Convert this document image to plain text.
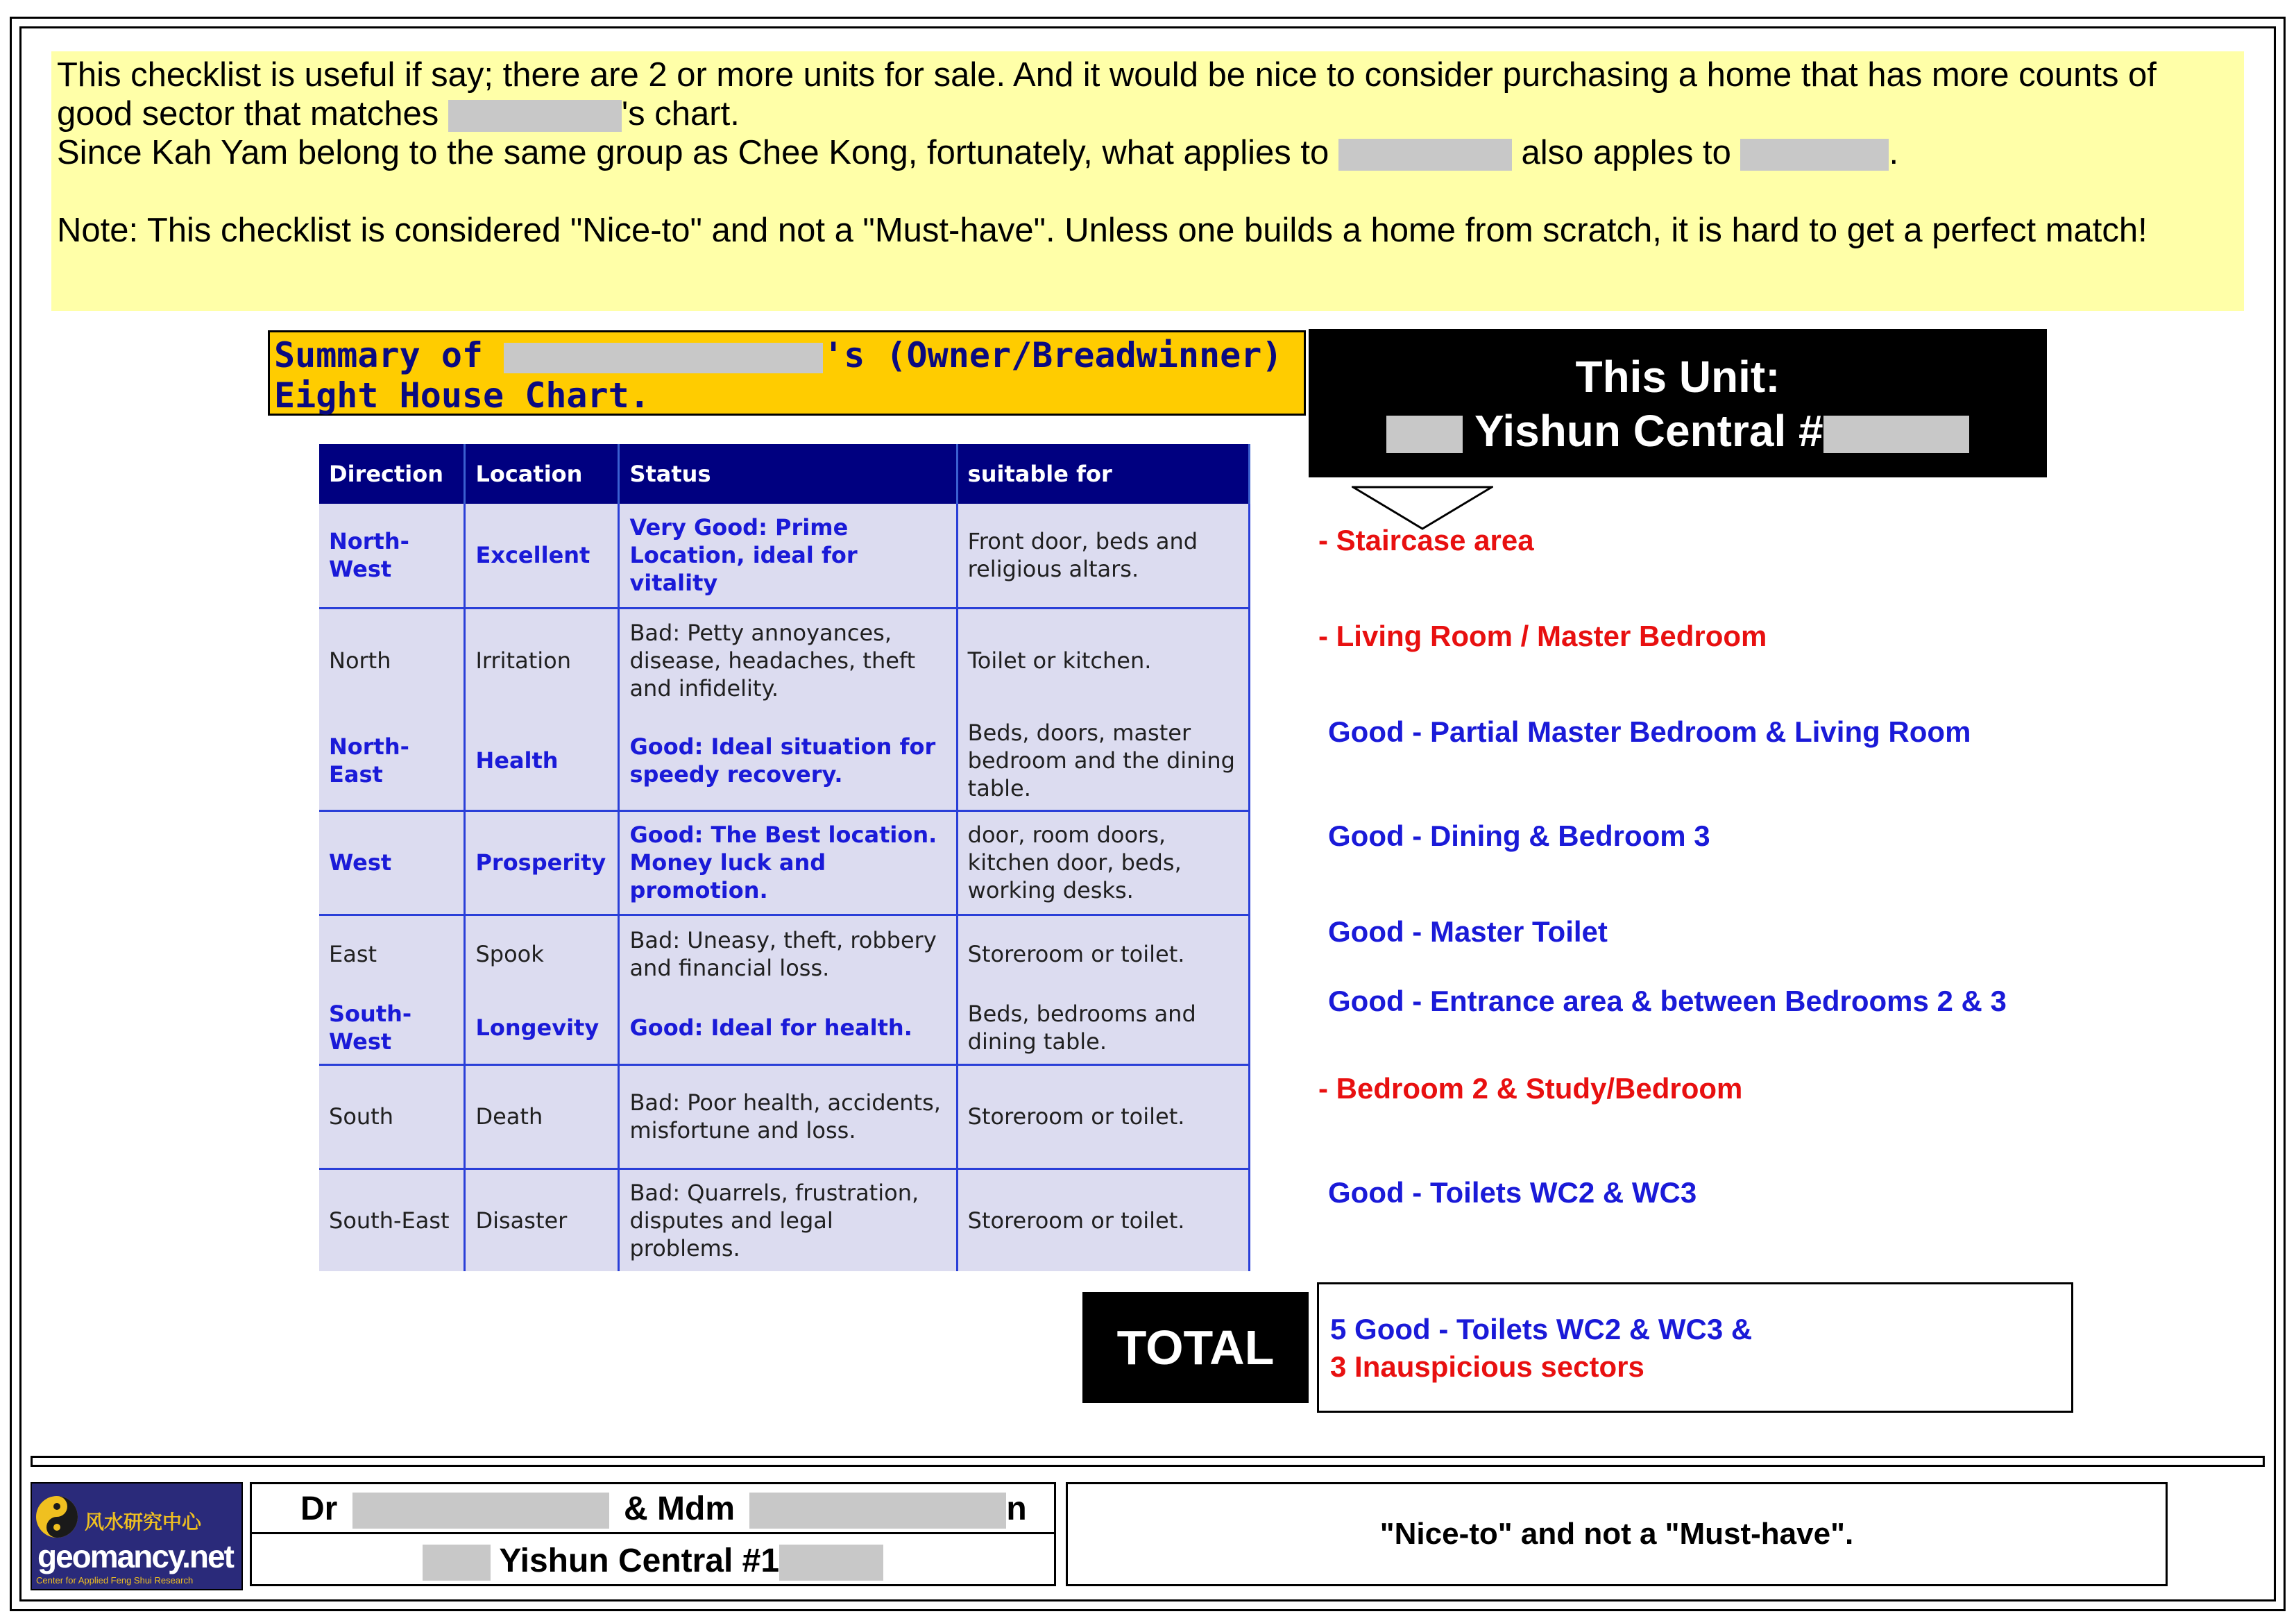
This checklist is useful if say; there are 2 or more units for sale. And it would be nice to consider purchasing a home that has more counts of

good sector that matches	's chart.

Since Kah Yam belong to the same group as Chee Kong, fortunately, what applies to	also apples to	.

Note: This checklist is considered "Nice-to" and not a "Must-have". Unless one builds a home from scratch, it is hard to get a perfect match!

Summary of	's (Owner/Breadwinner)
Eight House Chart.
Direction	Location	Status	suitable for
North-West	Excellent	Very Good: Prime Location, ideal for vitality	Front door, beds and religious altars.
North	Irritation	Bad: Petty annoyances, disease, headaches, theft and infidelity.	Toilet or kitchen.
North-East	Health	Good: Ideal situation for speedy recovery.	Beds, doors, master bedroom and the dining table.
West	Prosperity	Good: The Best location. Money luck and promotion.	door, room doors, kitchen door, beds, working desks.
East	Spook	Bad: Uneasy, theft, robbery and financial loss.	Storeroom or toilet.
South-West	Longevity	Good: Ideal for health.	Beds, bedrooms and dining table.
South	Death	Bad: Poor health, accidents, misfortune and loss.	Storeroom or toilet.
South-East	Disaster	Bad: Quarrels, frustration, disputes and legal problems.	Storeroom or toilet.
This Unit:
Yishun Central #
- Staircase area
- Living Room / Master Bedroom
Good - Partial Master Bedroom & Living Room
Good - Dining & Bedroom 3
Good - Master Toilet
Good - Entrance area & between Bedrooms 2 & 3
- Bedroom 2 & Study/Bedroom
Good - Toilets WC2 & WC3
TOTAL	5 Good - Toilets WC2 & WC3 &
3 Inauspicious sectors
风水研究中心
geomancy.net
Center for Applied Feng Shui Research
Dr	& Mdm	n
Yishun Central #1
"Nice-to" and not a "Must-have".
